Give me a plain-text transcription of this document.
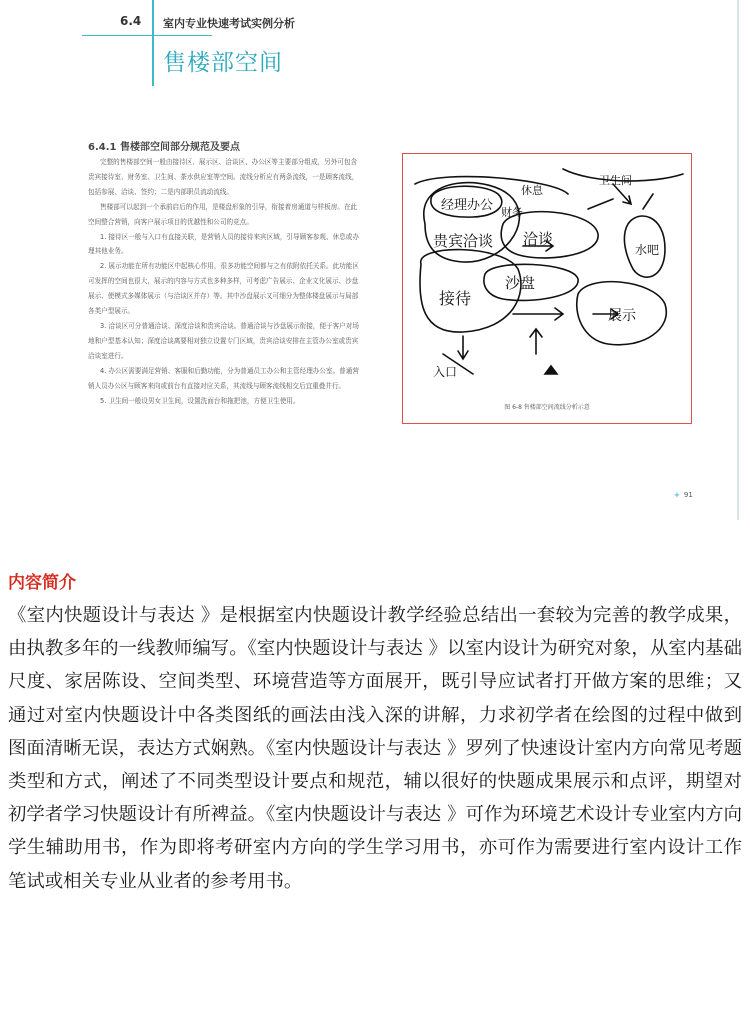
6.4 室内专业快速考试实例分析
售楼部空间
6.4.1 售楼部空间部分规范及要点

完整的售楼部空间一般由接待区、展示区、洽谈区、办公区等主要部分组成，另外可包含贵宾接待室、财务室、卫生间、茶水供应室等空间。流线分析应有两条流线，一是顾客流线，包括参展、洽谈、签约；二是内部职员流动流线。

售楼部可以起到一个承前启后的作用，是楼盘形象的引导，衔接着房通道与样板房。在此空间整合营销，向客户展示项目的优越性和公司的竞点。

1. 接待区一般与入口有直接关联，是营销人员的接待来宾区域，引导顾客参观、休息或办理其他业务。

2. 展示功能在所有功能区中起核心作用，很多功能空间都与之有依附依托关系。此功能区可发挥的空间也很大，展示的内容与方式也多种多样，可考虑广告展示、企业文化展示、沙盘展示、使模式多媒体展示（与洽谈区并存）等。其中沙盘展示又可细分为整体楼盘展示与局部各类户型展示。

3. 洽谈区可分普通洽谈、深度洽谈和贵宾洽谈。普通洽谈与沙盘展示衔接，便于客户对场地和户型基本认知；深度洽谈离要相对独立设置专门区域，贵宾洽谈安排在主管办公室或贵宾洽谈室进行。

4. 办公区需要满足营销、客服和后勤功能，分为普通员工办公和主管经理办公室。普通营销人员办公区与顾客来向或前台有直接对应关系，其流线与顾客流线相交后宜重叠并行。

5. 卫生间一般设男女卫生间，设置洗面台和拖把池，方便卫生使用。

经理办公 财务
贵宾洽谈 洽谈
沙盘
接待
入口
展示
水吧
卫生间
休息
图 6-8 售楼部空间流线分析示意
+ 91
内容简介

《室内快题设计与表达 》是根据室内快题设计教学经验总结出一套较为完善的教学成果，由执教多年的一线教师编写。《室内快题设计与表达 》以室内设计为研究对象，从室内基础尺度、家居陈设、空间类型、环境营造等方面展开，既引导应试者打开做方案的思维；又通过对室内快题设计中各类图纸的画法由浅入深的讲解，力求初学者在绘图的过程中做到图面清晰无误，表达方式娴熟。《室内快题设计与表达 》罗列了快速设计室内方向常见考题类型和方式，阐述了不同类型设计要点和规范，辅以很好的快题成果展示和点评，期望对初学者学习快题设计有所裨益。《室内快题设计与表达 》可作为环境艺术设计专业室内方向学生辅助用书，作为即将考研室内方向的学生学习用书，亦可作为需要进行室内设计工作笔试或相关专业从业者的参考用书。
